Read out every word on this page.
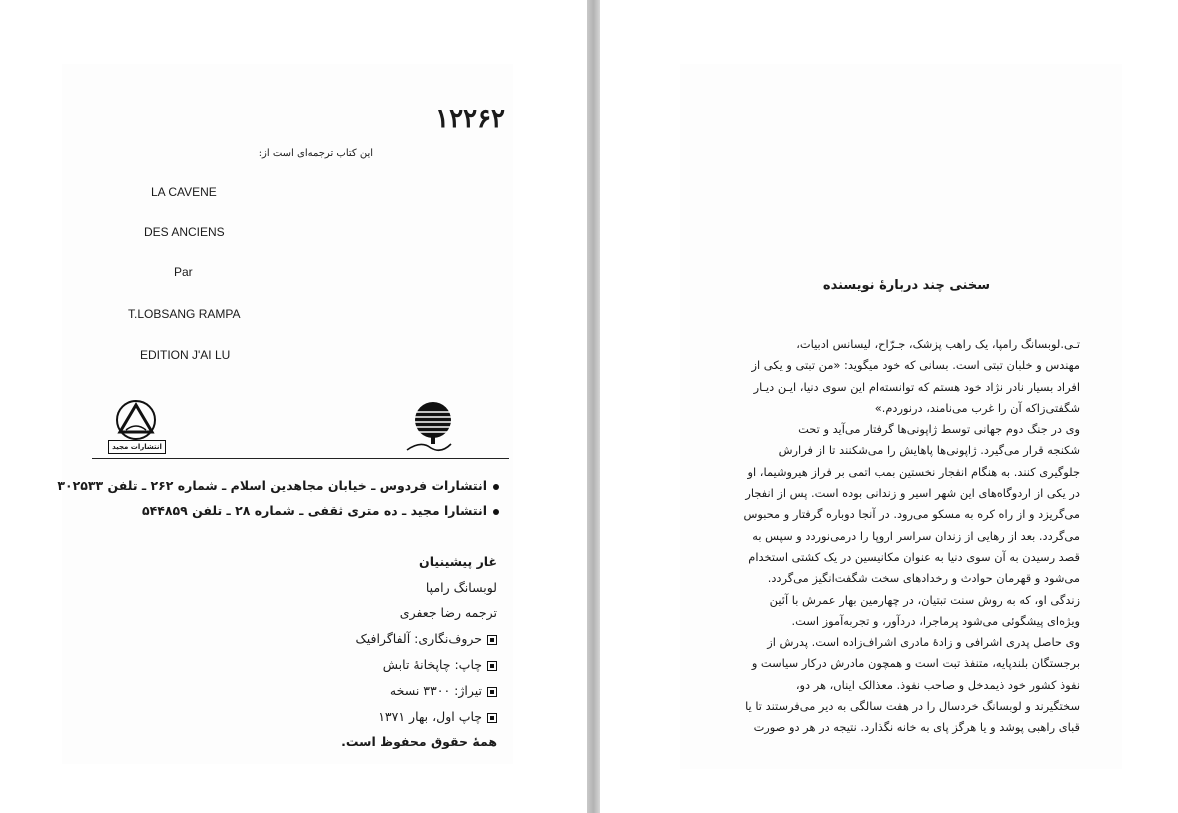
۱۲۲۶۲
این کتاب ترجمه‌ای است از:
LA CAVENE
DES ANCIENS
Par
T.LOBSANG RAMPA
EDITION J'AI LU
انتشارات مجید
انتشارات فردوس ـ خیابان مجاهدین اسلام ـ شماره ۲۶۲ ـ تلفن ۳۰۲۵۳۳
انتشارا مجید ـ ده متری ثقفی ـ شماره ۲۸ ـ تلفن ۵۴۴۸۵۹
غار پیشینیان
لوبسانگ رامپا
ترجمه رضا جعفری
حروف‌نگاری: آلفاگرافیک
چاپ: چاپخانهٔ تابش
تیراژ: ۳۳۰۰ نسخه
چاپ اول، بهار ۱۳۷۱
همهٔ حقوق محفوظ است.
سخنی چند دربارهٔ نویسنده
تـی.لوبسانگ رامپا، یک راهب پزشک، جـرّاح، لیسانس ادبیات،
مهندس و خلبان تبتی است. بسانی که خود میگوید: «من تبتی و یکی از
افراد بسیار نادر نژاد خود هستم که توانسته‌ام این سوی دنیا، ایـن دیـار
شگفتی‌زاکه آن را غرب می‌نامند، درنوردم.»
وی در جنگ دوم جهانی توسط ژاپونی‌ها گرفتار می‌آید و تحت
شکنجه قرار می‌گیرد. ژاپونی‌ها پاهایش را می‌شکنند تا از فرارش
جلوگیری کنند. به هنگام انفجار نخستین بمب اتمی بر فراز هیروشیما، او
در یکی از اردوگاه‌های این شهر اسیر و زندانی بوده است. پس از انفجار
می‌گریزد و از راه کره به مسکو می‌رود. در آنجا دوباره گرفتار و محبوس
می‌گردد. بعد از رهایی از زندان سراسر اروپا را درمی‌نوردد و سپس به
قصد رسیدن به آن سوی دنیا به عنوان مکانیسین در یک کشتی استخدام
می‌شود و قهرمان حوادث و رخدادهای سخت شگفت‌انگیز می‌گردد.
زندگی او، که به روش سنت تبتیان، در چهارمین بهار عمرش با آئین
ویژه‌ای پیشگوئی می‌شود پرماجرا، دردآور، و تجربه‌آموز است.
وی حاصل پدری اشرافی و زادهٔ مادری اشراف‌زاده است. پدرش از
برجستگان بلندپایه، متنفذ تبت است و همچون مادرش درکار سیاست و
نفوذ کشور خود ذیمدخل و صاحب نفوذ. معذالک ایناں، هر دو،
سختگیرند و لوبسانگ خردسال را در هفت سالگی به دیر می‌فرستند تا یا
قبای راهبی پوشد و یا هرگز پای به خانه نگذارد. نتیجه در هر دو صورت
